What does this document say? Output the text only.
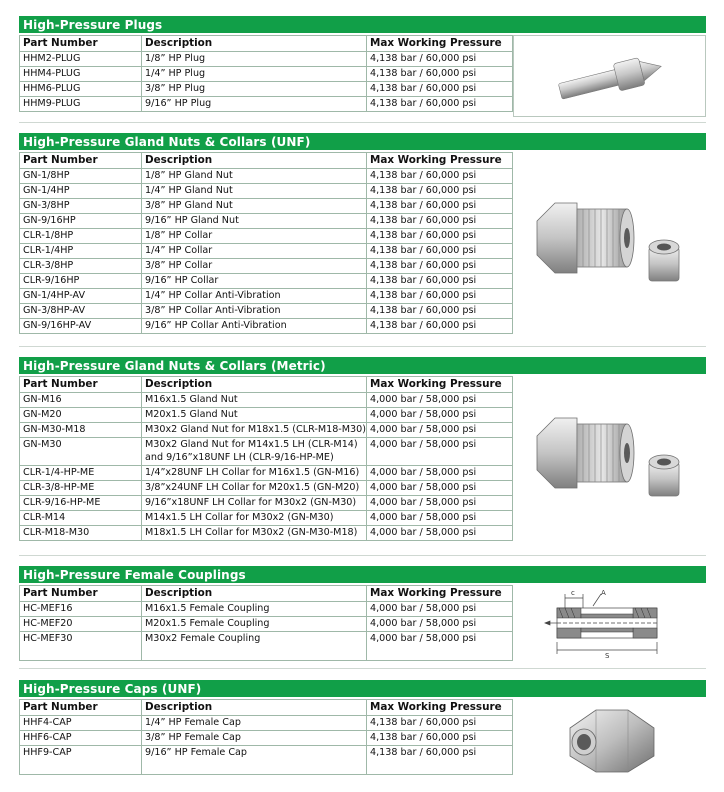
High-Pressure Plugs
Part Number	Description	Max Working Pressure
HHM2-PLUG	1/8” HP Plug	4,138 bar / 60,000 psi
HHM4-PLUG	1/4” HP Plug	4,138 bar / 60,000 psi
HHM6-PLUG	3/8” HP Plug	4,138 bar / 60,000 psi
HHM9-PLUG	9/16” HP Plug	4,138 bar / 60,000 psi
High-Pressure Gland Nuts & Collars (UNF)
Part Number	Description	Max Working Pressure
GN-1/8HP	1/8” HP Gland Nut	4,138 bar / 60,000 psi
GN-1/4HP	1/4” HP Gland Nut	4,138 bar / 60,000 psi
GN-3/8HP	3/8” HP Gland Nut	4,138 bar / 60,000 psi
GN-9/16HP	9/16” HP Gland Nut	4,138 bar / 60,000 psi
CLR-1/8HP	1/8” HP Collar	4,138 bar / 60,000 psi
CLR-1/4HP	1/4” HP Collar	4,138 bar / 60,000 psi
CLR-3/8HP	3/8” HP Collar	4,138 bar / 60,000 psi
CLR-9/16HP	9/16” HP Collar	4,138 bar / 60,000 psi
GN-1/4HP-AV	1/4” HP Collar Anti-Vibration	4,138 bar / 60,000 psi
GN-3/8HP-AV	3/8” HP Collar Anti-Vibration	4,138 bar / 60,000 psi
GN-9/16HP-AV	9/16” HP Collar Anti-Vibration	4,138 bar / 60,000 psi
High-Pressure Gland Nuts & Collars (Metric)
Part Number	Description	Max Working Pressure
GN-M16	M16x1.5 Gland Nut	4,000 bar / 58,000 psi
GN-M20	M20x1.5 Gland Nut	4,000 bar / 58,000 psi
GN-M30-M18	M30x2 Gland Nut for M18x1.5 (CLR-M18-M30)	4,000 bar / 58,000 psi
GN-M30	M30x2 Gland Nut for M14x1.5 LH (CLR-M14) and 9/16”x18UNF LH (CLR-9/16-HP-ME)	4,000 bar / 58,000 psi
CLR-1/4-HP-ME	1/4”x28UNF LH Collar for M16x1.5 (GN-M16)	4,000 bar / 58,000 psi
CLR-3/8-HP-ME	3/8”x24UNF LH Collar for M20x1.5 (GN-M20)	4,000 bar / 58,000 psi
CLR-9/16-HP-ME	9/16”x18UNF LH Collar for M30x2 (GN-M30)	4,000 bar / 58,000 psi
CLR-M14	M14x1.5 LH Collar for M30x2 (GN-M30)	4,000 bar / 58,000 psi
CLR-M18-M30	M18x1.5 LH Collar for M30x2 (GN-M30-M18)	4,000 bar / 58,000 psi
High-Pressure Female Couplings
Part Number	Description	Max Working Pressure
HC-MEF16	M16x1.5 Female Coupling	4,000 bar / 58,000 psi
HC-MEF20	M20x1.5 Female Coupling	4,000 bar / 58,000 psi
HC-MEF30	M30x2 Female Coupling	4,000 bar / 58,000 psi
c	A
S
High-Pressure Caps (UNF)
Part Number	Description	Max Working Pressure
HHF4-CAP	1/4” HP Female Cap	4,138 bar / 60,000 psi
HHF6-CAP	3/8” HP Female Cap	4,138 bar / 60,000 psi
HHF9-CAP	9/16” HP Female Cap	4,138 bar / 60,000 psi
